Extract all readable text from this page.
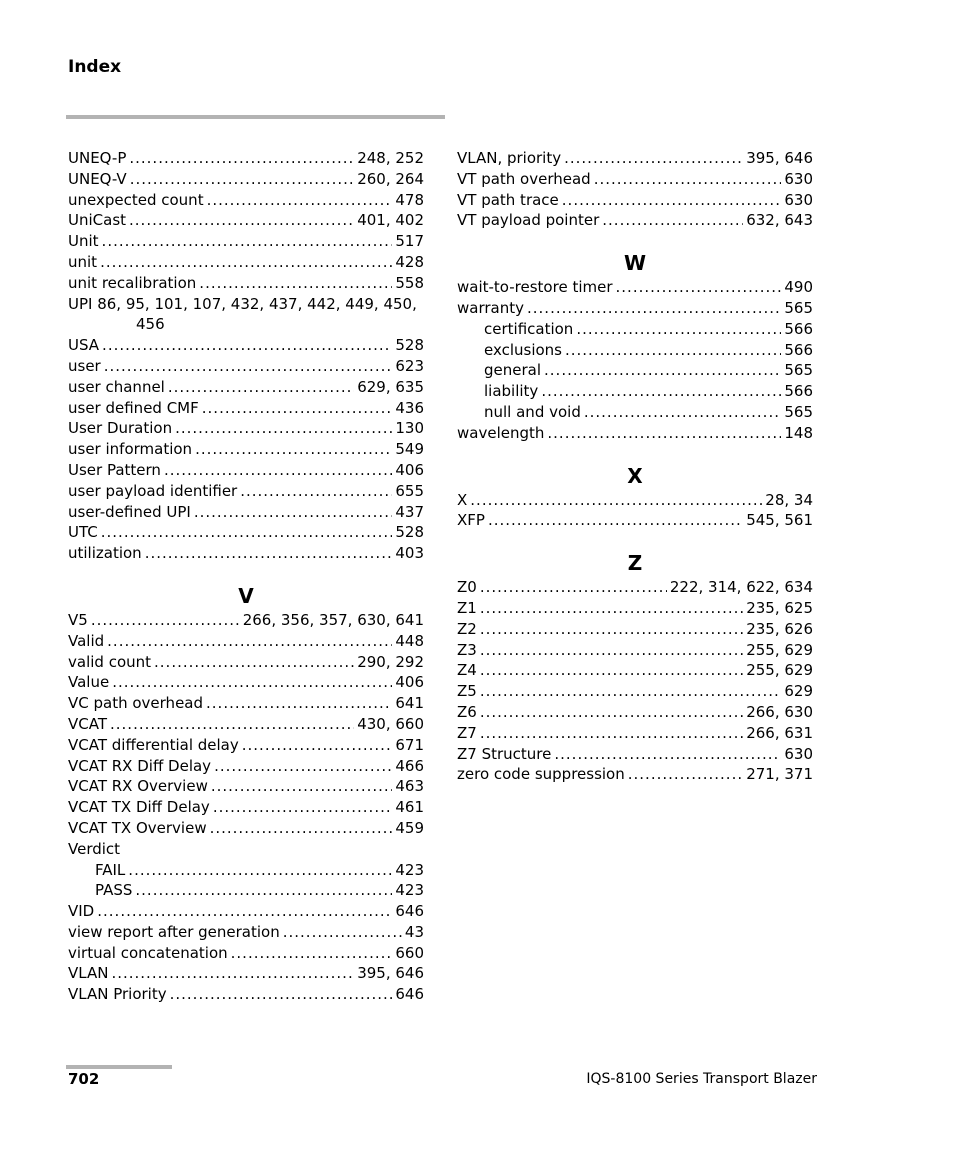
Index
UNEQ-P .....	248, 252
UNEQ-V .....	260, 264
unexpected count .....	478
UniCast .....	401, 402
Unit .....	517
unit .....	428
unit recalibration .....	558
UPI 86, 95, 101, 107, 432, 437, 442, 449, 450,
456
USA .....	528
user .....	623
user channel .....	629, 635
user defined CMF .....	436
User Duration .....	130
user information .....	549
User Pattern .....	406
user payload identifier .....	655
user-defined UPI .....	437
UTC .....	528
utilization .....	403
V
V5 .....	266, 356, 357, 630, 641
Valid .....	448
valid count .....	290, 292
Value .....	406
VC path overhead .....	641
VCAT .....	430, 660
VCAT differential delay .....	671
VCAT RX Diff Delay .....	466
VCAT RX Overview .....	463
VCAT TX Diff Delay .....	461
VCAT TX Overview .....	459
Verdict
FAIL .....	423
PASS .....	423
VID .....	646
view report after generation .....	43
virtual concatenation .....	660
VLAN .....	395, 646
VLAN Priority .....	646
VLAN, priority .....	395, 646
VT path overhead .....	630
VT path trace .....	630
VT payload pointer .....	632, 643
W
wait-to-restore timer .....	490
warranty .....	565
certification .....	566
exclusions .....	566
general .....	565
liability .....	566
null and void .....	565
wavelength .....	148
X
X .....	28, 34
XFP .....	545, 561
Z
Z0 .....	222, 314, 622, 634
Z1 .....	235, 625
Z2 .....	235, 626
Z3 .....	255, 629
Z4 .....	255, 629
Z5 .....	629
Z6 .....	266, 630
Z7 .....	266, 631
Z7 Structure .....	630
zero code suppression .....	271, 371
702	IQS-8100 Series Transport Blazer
